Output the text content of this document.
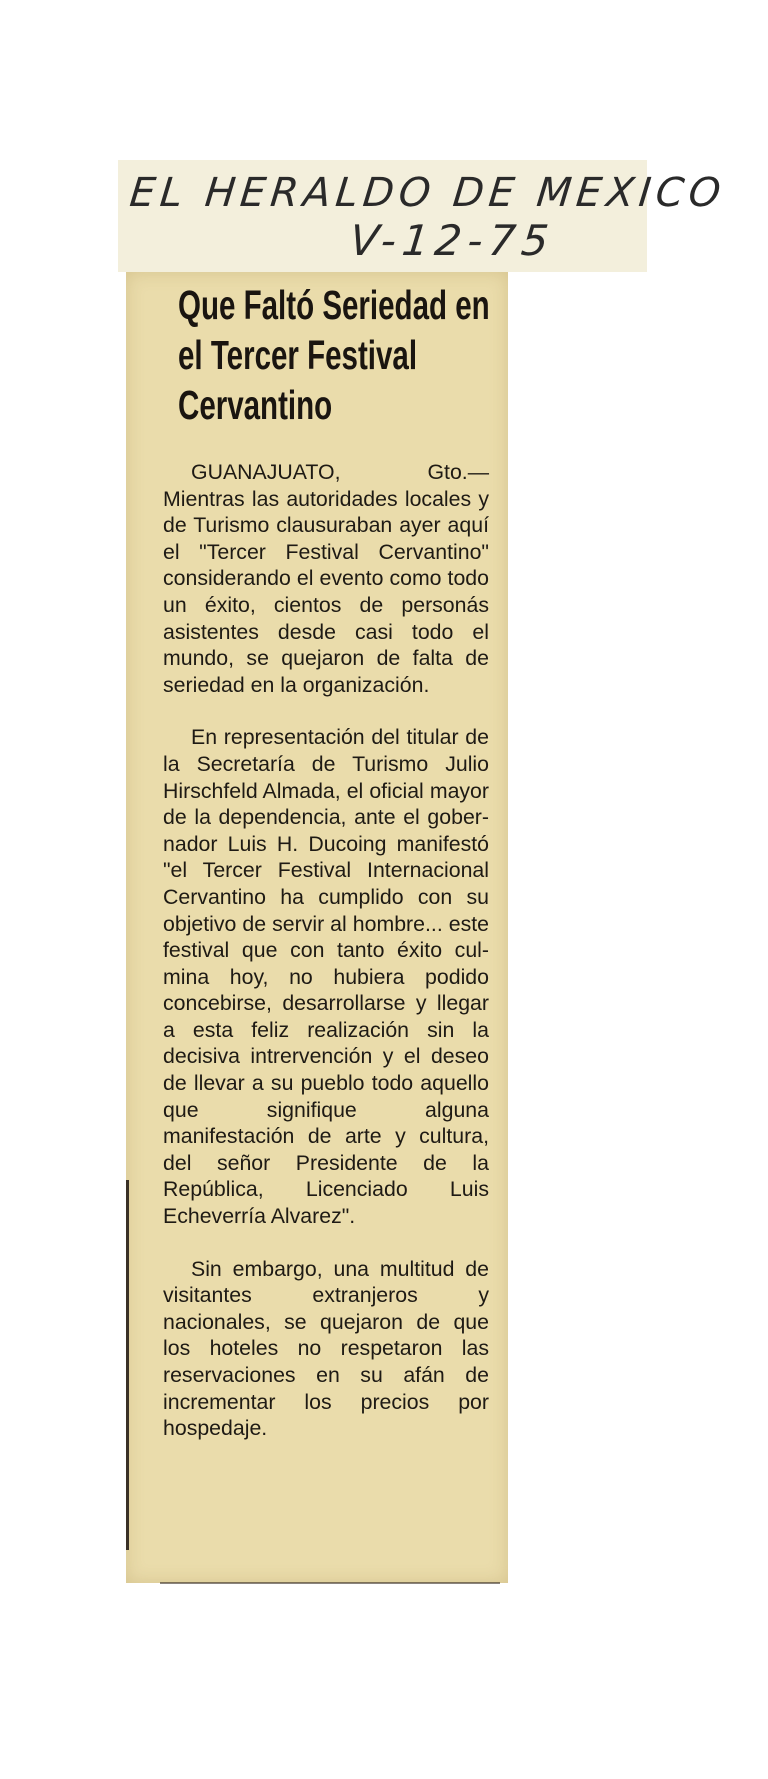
EL HERALDO DE MEXICO
V-12-75
Que Faltó Seriedad en el Tercer Festival Cervantino

GUANAJUATO, Gto.— Mientras las autoridades locales y de Turismo clausuraban ayer aquí el "Tercer Festival Cervantino" considerando el evento como todo un éxito, cientos de personás asistentes desde casi todo el mundo, se quejaron de falta de seriedad en la organización.

En representación del titular de la Secretaría de Turismo Julio Hirschfeld Almada, el oficial mayor de la dependencia, ante el gobernador Luis H. Ducoing manifestó "el Tercer Festival Internacional Cervantino ha cumplido con su objetivo de servir al hombre... este festival que con tanto éxito culmina hoy, no hubiera podido concebirse, desarrollarse y llegar a esta feliz realización sin la decisiva intrervención y el deseo de llevar a su pueblo todo aquello que signifique alguna manifestación de arte y cultura, del señor Presidente de la República, Licenciado Luis Echeverría Alvarez".

Sin embargo, una multitud de visitantes extranjeros y nacionales, se quejaron de que los hoteles no respetaron las reservaciones en su afán de incrementar los precios por hospedaje.
